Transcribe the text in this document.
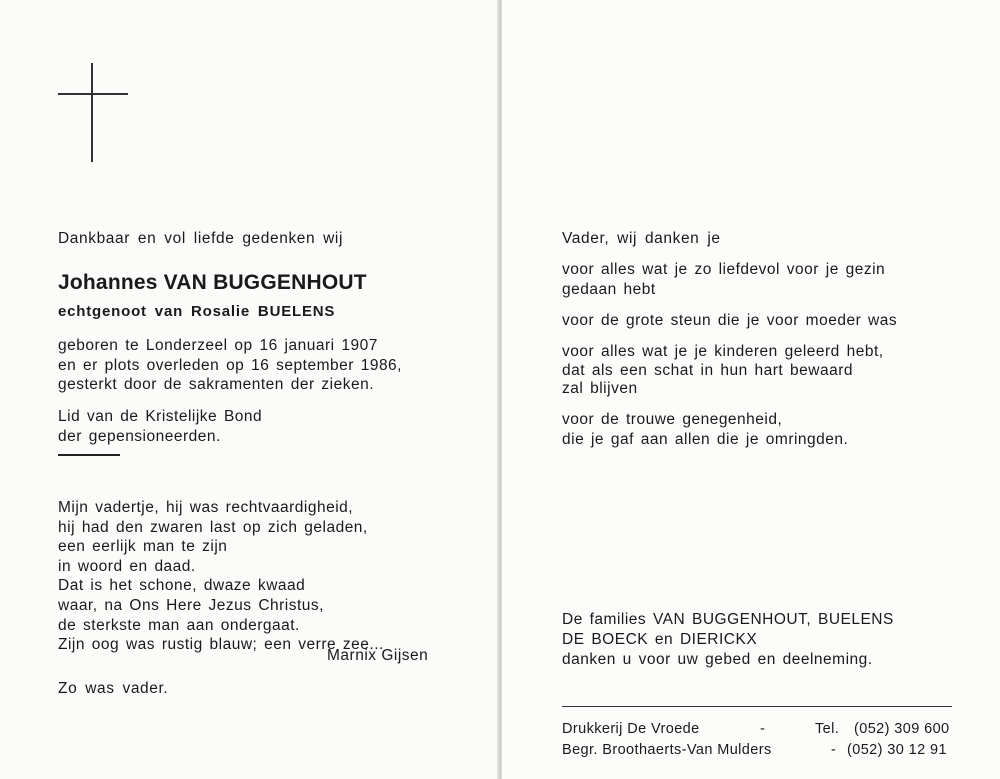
Dankbaar en vol liefde gedenken wij
Johannes VAN BUGGENHOUT
echtgenoot van Rosalie BUELENS
geboren te Londerzeel op 16 januari 1907
en er plots overleden op 16 september 1986,
gesterkt door de sakramenten der zieken.
Lid van de Kristelijke Bond
der gepensioneerden.
Mijn vadertje, hij was rechtvaardigheid,
hij had den zwaren last op zich geladen,
een eerlijk man te zijn
in woord en daad.
Dat is het schone, dwaze kwaad
waar, na Ons Here Jezus Christus,
de sterkste man aan ondergaat.
Zijn oog was rustig blauw; een verre zee...
Marnix Gijsen
Zo was vader.
Vader, wij danken je
voor alles wat je zo liefdevol voor je gezin
gedaan hebt
voor de grote steun die je voor moeder was
voor alles wat je je kinderen geleerd hebt,
dat als een schat in hun hart bewaard
zal blijven
voor de trouwe genegenheid,
die je gaf aan allen die je omringden.
De families VAN BUGGENHOUT, BUELENS
DE BOECK en DIERICKX
danken u voor uw gebed en deelneming.
Drukkerij De Vroede	-	Tel. (052) 309 600
Begr. Broothaerts-Van Mulders	- (052) 30 12 91
